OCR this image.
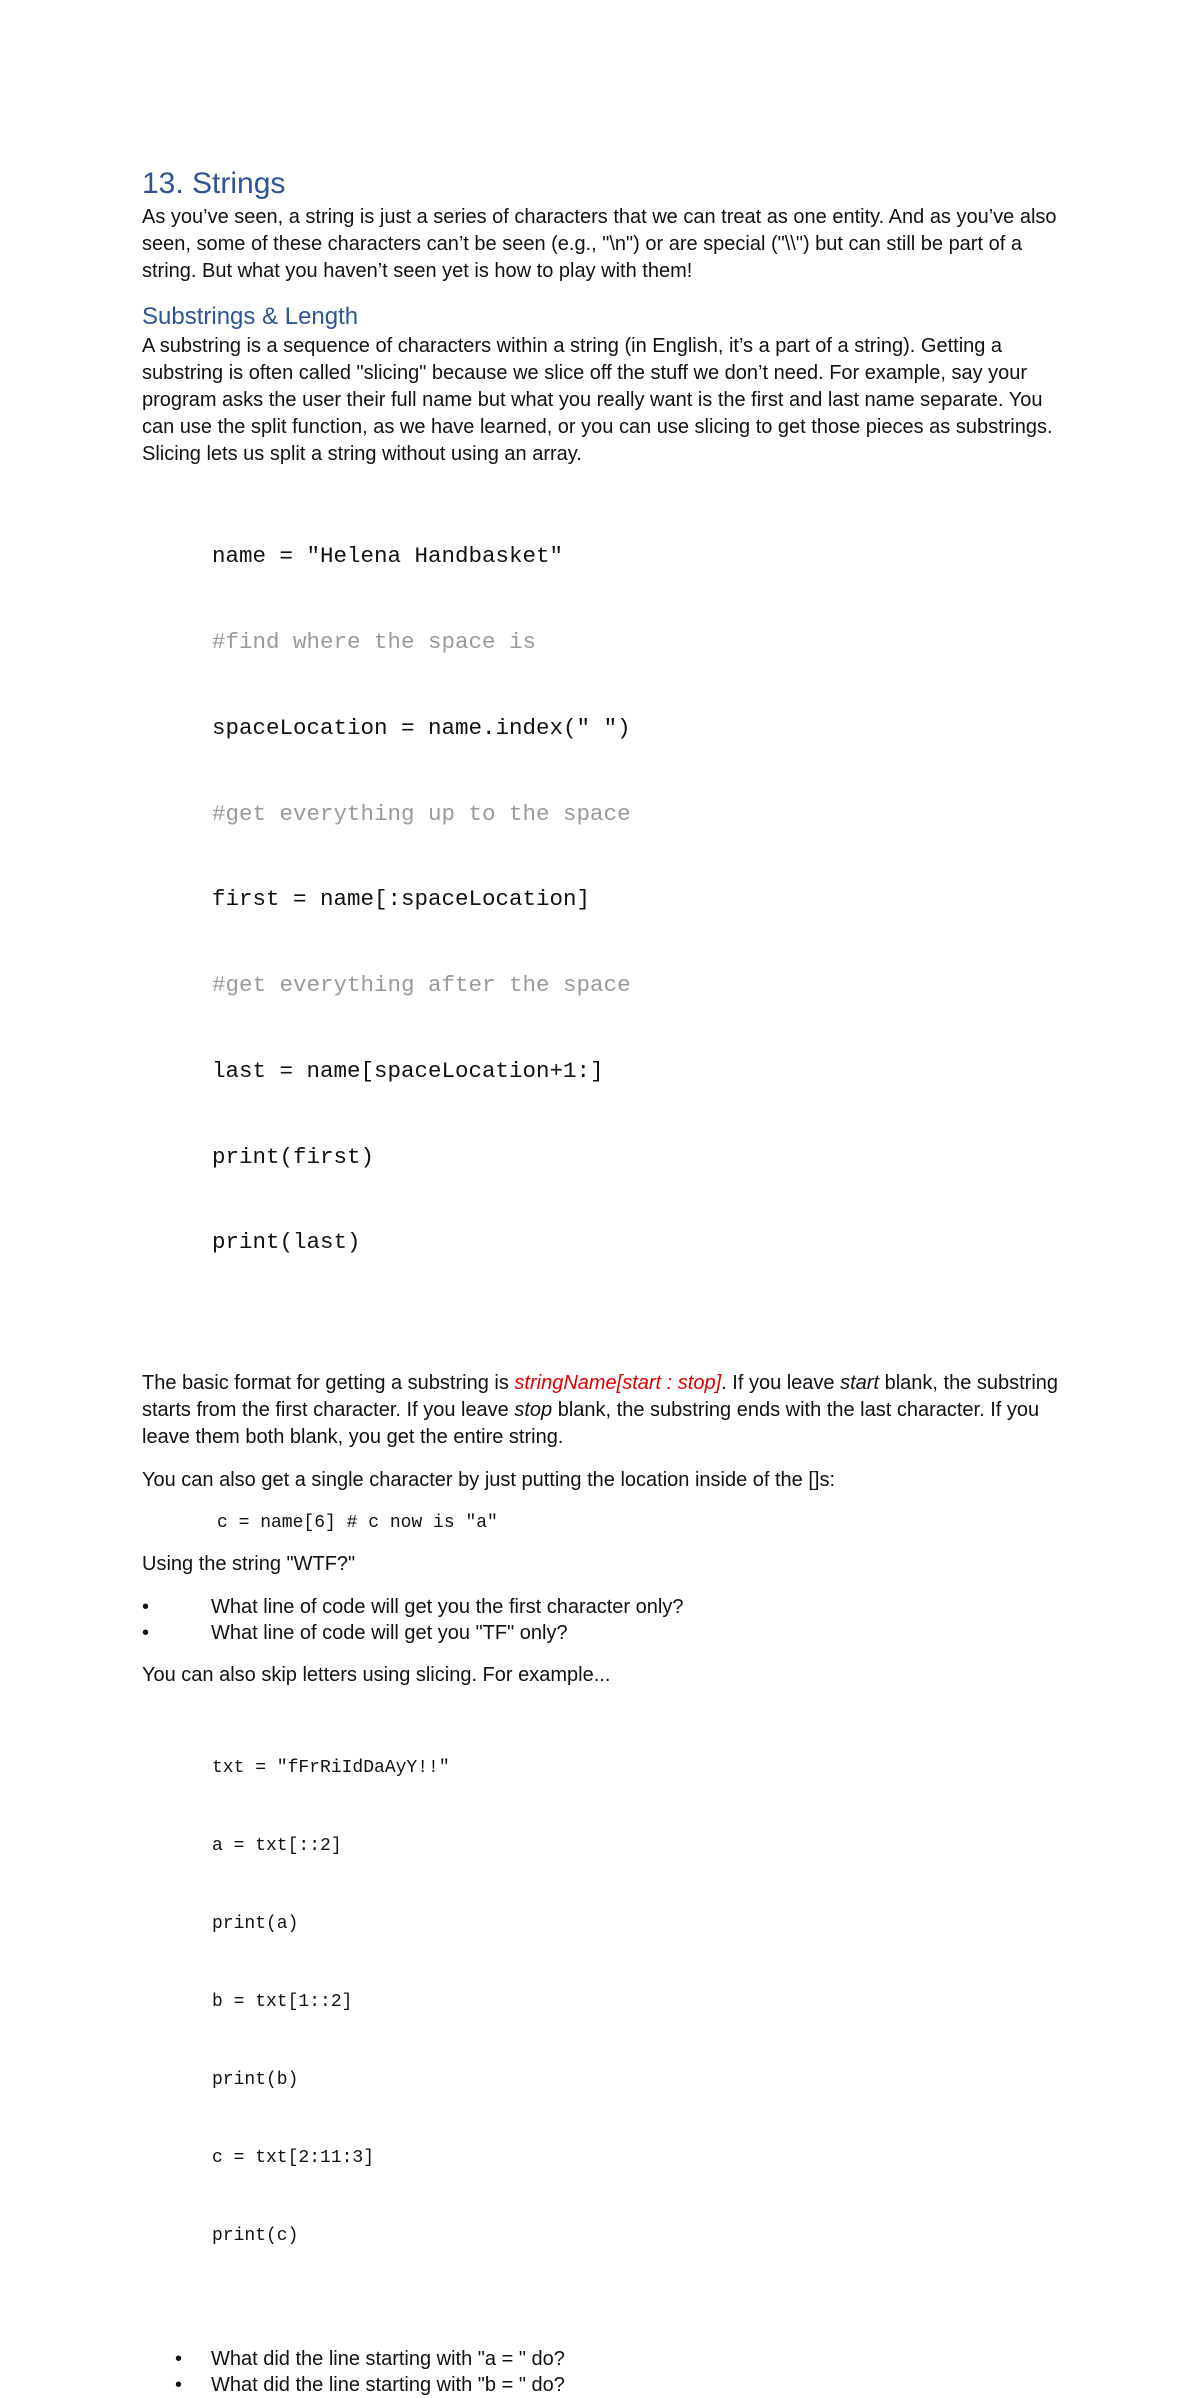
13. Strings

As you’ve seen, a string is just a series of characters that we can treat as one entity. And as you’ve also seen, some of these characters can’t be seen (e.g., "\n") or are special ("\\") but can still be part of a string. But what you haven’t seen yet is how to play with them!

Substrings & Length

A substring is a sequence of characters within a string (in English, it’s a part of a string). Getting a substring is often called "slicing" because we slice off the stuff we don’t need. For example, say your program asks the user their full name but what you really want is the first and last name separate. You can use the split function, as we have learned, or you can use slicing to get those pieces as substrings. Slicing lets us split a string without using an array.

name = "Helena Handbasket"

#find where the space is

spaceLocation = name.index(" ")

#get everything up to the space

first = name[:spaceLocation]

#get everything after the space

last = name[spaceLocation+1:]

print(first)

print(last)

The basic format for getting a substring is stringName[start : stop]. If you leave start blank, the substring starts from the first character. If you leave stop blank, the substring ends with the last character. If you leave them both blank, you get the entire string.

You can also get a single character by just putting the location inside of the []s:

c = name[6] # c now is "a"

Using the string "WTF?"

•	What line of code will get you the first character only?
•	What line of code will get you "TF" only?

You can also skip letters using slicing. For example...

txt = "fFrRiIdDaAyY!!"

a = txt[::2]

print(a)

b = txt[1::2]

print(b)

c = txt[2:11:3]

print(c)

• What did the line starting with "a = " do?
• What did the line starting with "b = " do?
